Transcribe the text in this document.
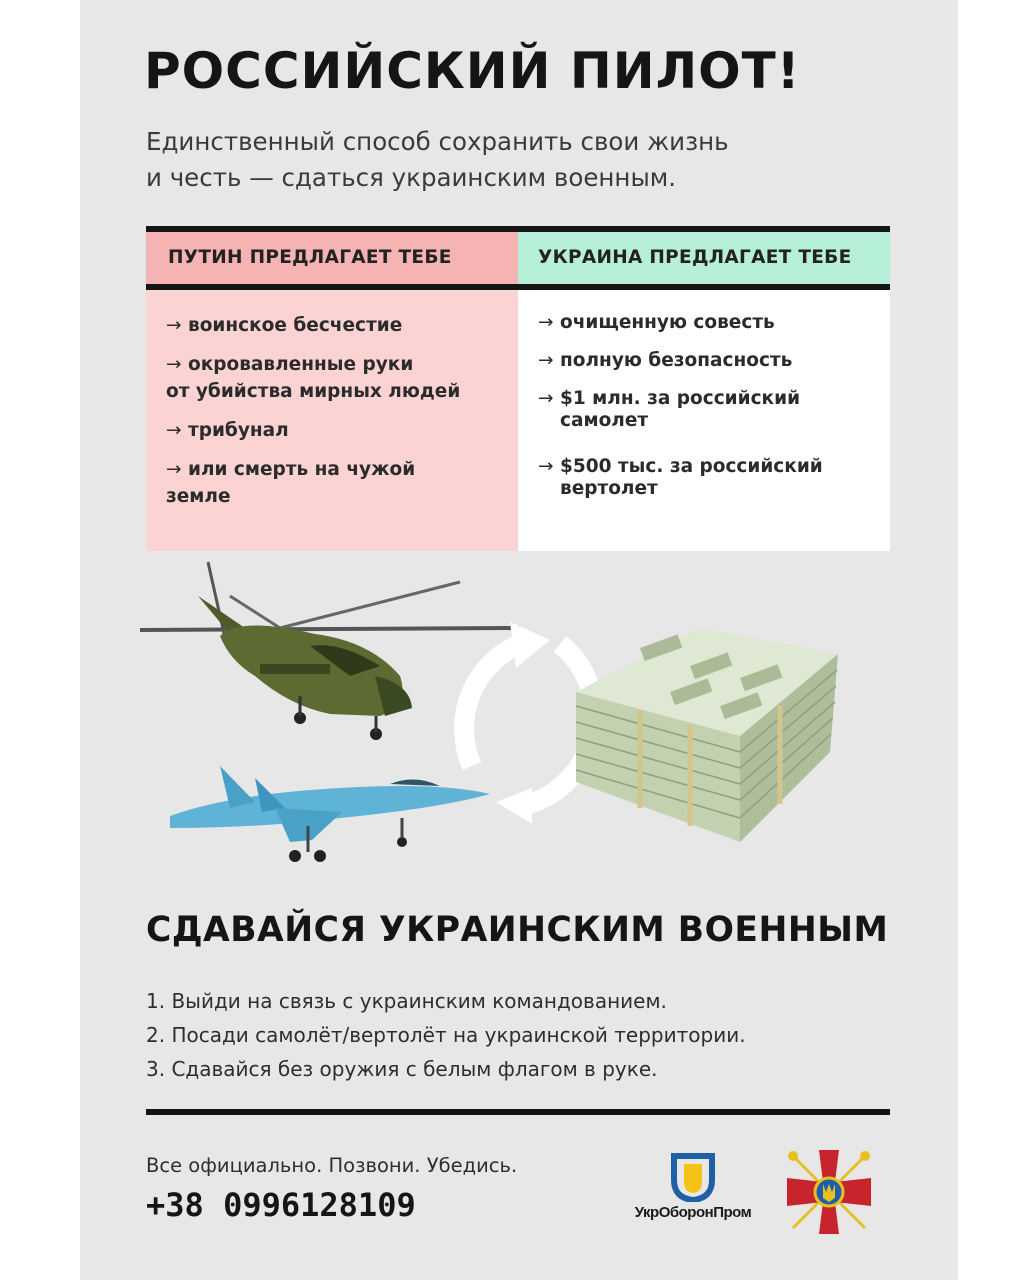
РОССИЙСКИЙ ПИЛОТ!
Единственный способ сохранить свои жизнь
и честь — сдаться украинским военным.
ПУТИН ПРЕДЛАГАЕТ ТЕБЕ
→ воинское бесчестие
→ окровавленные руки
от убийства мирных людей
→ трибунал
→ или смерть на чужой
земле
УКРАИНА ПРЕДЛАГАЕТ ТЕБЕ
→ очищенную совесть
→ полную безопасность
→ $1 млн. за российский
самолет
→ $500 тыс. за российский
вертолет
СДАВАЙСЯ УКРАИНСКИМ ВОЕННЫМ
1. Выйди на связь с украинским командованием.
2. Посади самолёт/вертолёт на украинской территории.
3. Сдавайся без оружия с белым флагом в руке.
Все официально. Позвони. Убедись.
+38 0996128109	УкрОборонПром
